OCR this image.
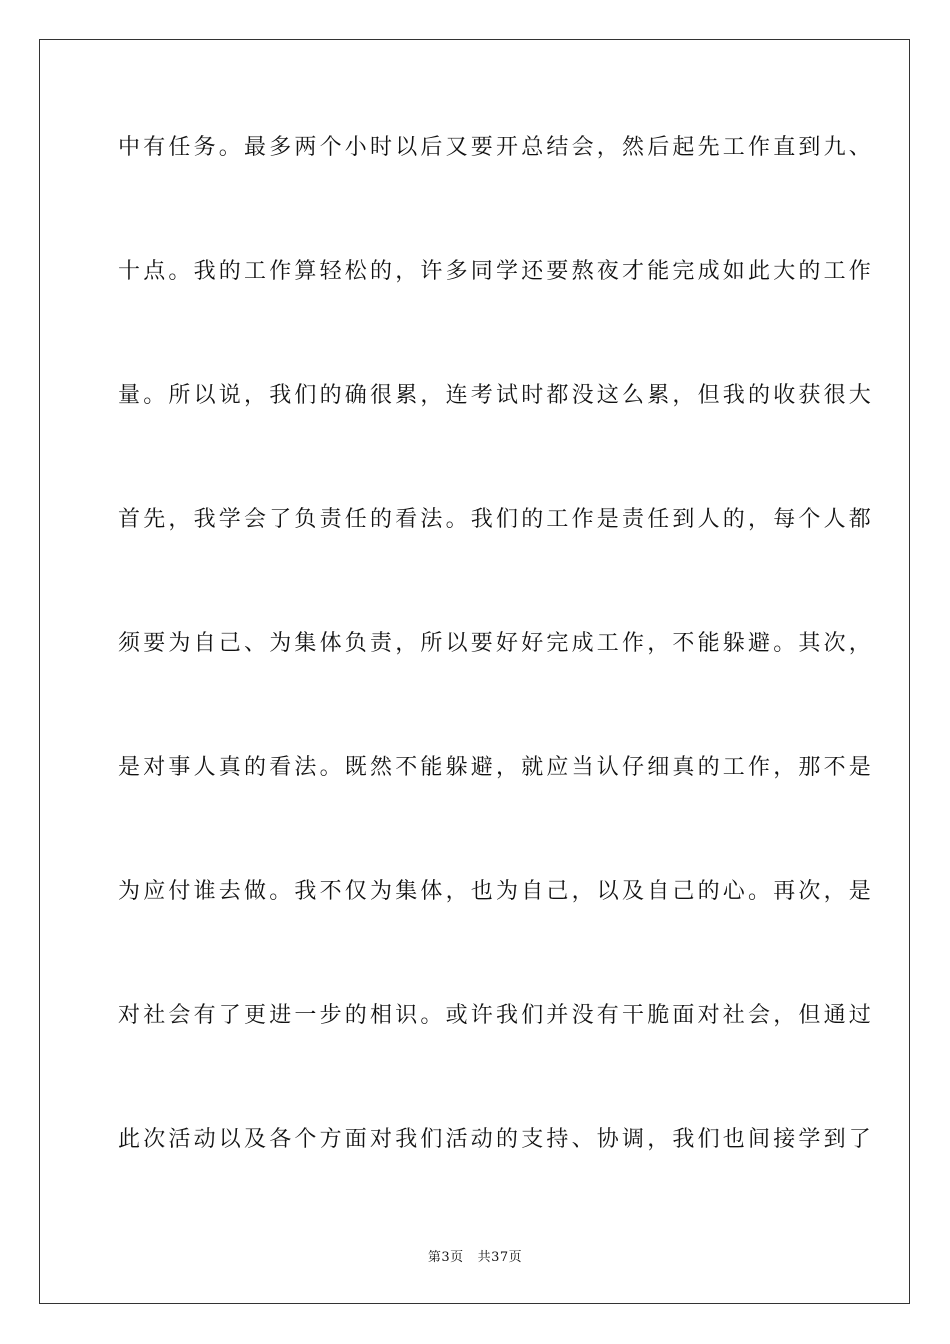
中有任务。最多两个小时以后又要开总结会，然后起先工作直到九、
十点。我的工作算轻松的，许多同学还要熬夜才能完成如此大的工作
量。所以说，我们的确很累，连考试时都没这么累，但我的收获很大
首先，我学会了负责任的看法。我们的工作是责任到人的，每个人都
须要为自己、为集体负责，所以要好好完成工作，不能躲避。其次，
是对事人真的看法。既然不能躲避，就应当认仔细真的工作，那不是
为应付谁去做。我不仅为集体，也为自己，以及自己的心。再次，是
对社会有了更进一步的相识。或许我们并没有干脆面对社会，但通过
此次活动以及各个方面对我们活动的支持、协调，我们也间接学到了
第3页 共37页
